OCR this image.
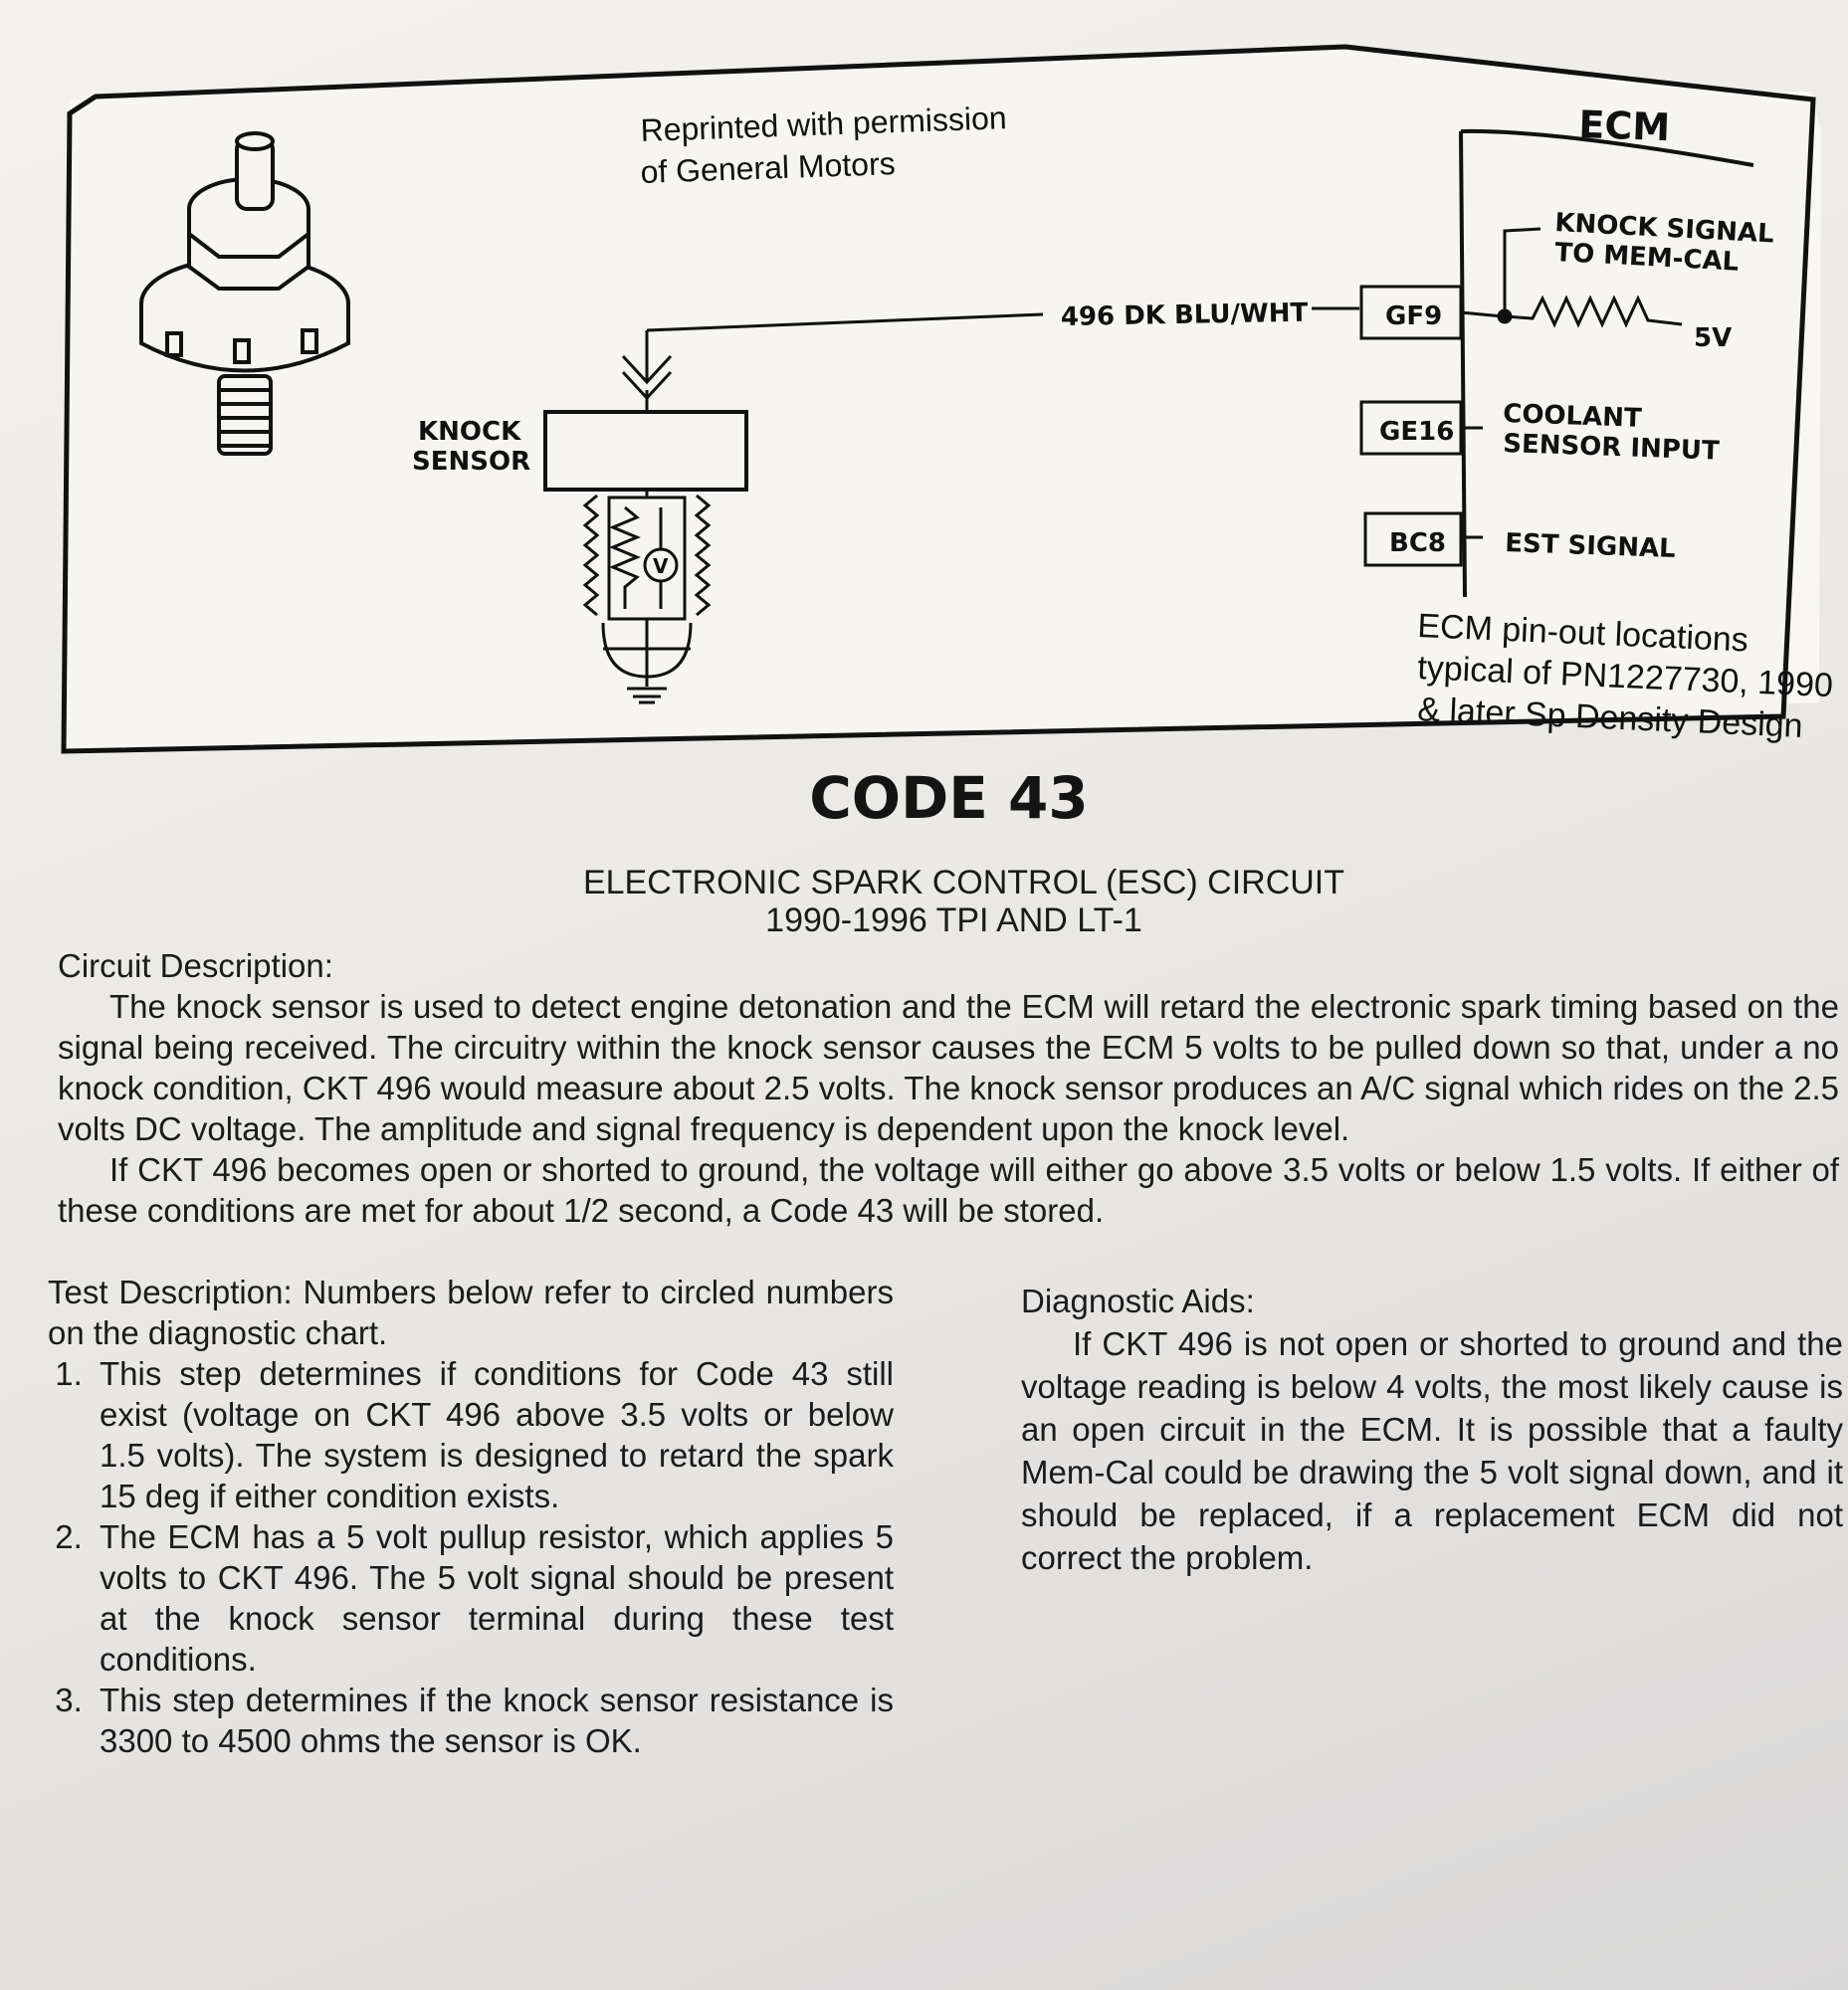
Reprinted with permission
of General Motors
KNOCK
SENSOR
V
496 DK BLU/WHT
ECM
GF9
GE16 COOLANT
SENSOR INPUT
BC8 EST SIGNAL
KNOCK SIGNAL
TO MEM-CAL
5V
ECM pin-out locations
typical of PN1227730, 1990
& later Sp Density Design
CODE 43
ELECTRONIC SPARK CONTROL (ESC) CIRCUIT
1990-1996 TPI AND LT-1

Circuit Description:

The knock sensor is used to detect engine detonation and the ECM will retard the electronic spark timing based on the signal being received. The circuitry within the knock sensor causes the ECM 5 volts to be pulled down so that, under a no knock condition, CKT 496 would measure about 2.5 volts. The knock sensor produces an A/C signal which rides on the 2.5 volts DC voltage. The amplitude and signal frequency is dependent upon the knock level.

If CKT 496 becomes open or shorted to ground, the voltage will either go above 3.5 volts or below 1.5 volts. If either of these conditions are met for about 1/2 second, a Code 43 will be stored.

Test Description: Numbers below refer to circled numbers on the diagnostic chart.

1. This step determines if conditions for Code 43 still exist (voltage on CKT 496 above 3.5 volts or below 1.5 volts). The system is designed to retard the spark 15 deg if either condition exists.
2. The ECM has a 5 volt pullup resistor, which applies 5 volts to CKT 496. The 5 volt signal should be present at the knock sensor terminal during these test conditions.
3. This step determines if the knock sensor resistance is 3300 to 4500 ohms the sensor is OK.

Diagnostic Aids:

If CKT 496 is not open or shorted to ground and the voltage reading is below 4 volts, the most likely cause is an open circuit in the ECM. It is possible that a faulty Mem-Cal could be drawing the 5 volt signal down, and it should be replaced, if a replacement ECM did not correct the problem.
